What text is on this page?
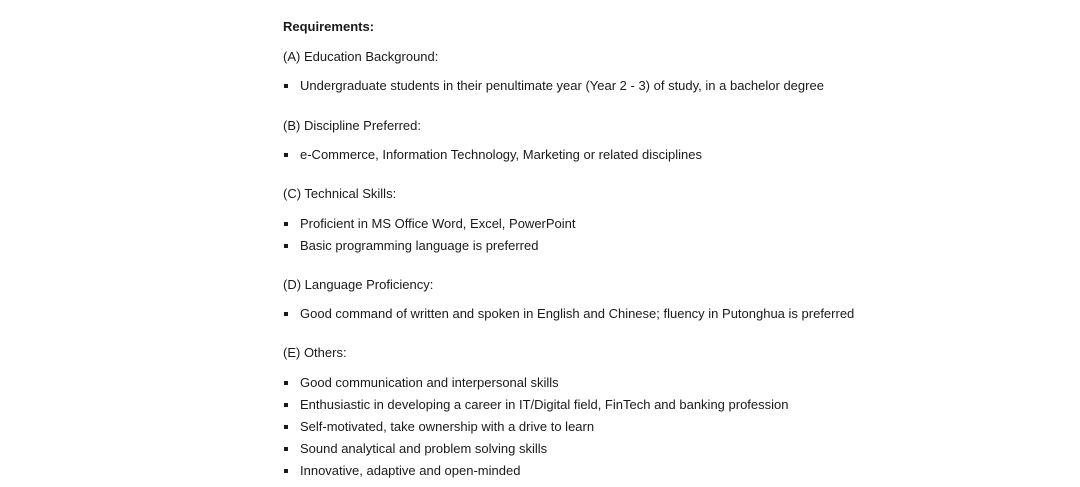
Requirements:
(A) Education Background:
Undergraduate students in their penultimate year (Year 2 - 3) of study, in a bachelor degree
(B) Discipline Preferred:
e-Commerce, Information Technology, Marketing or related disciplines
(C) Technical Skills:
Proficient in MS Office Word, Excel, PowerPoint
Basic programming language is preferred
(D) Language Proficiency:
Good command of written and spoken in English and Chinese; fluency in Putonghua is preferred
(E) Others:
Good communication and interpersonal skills
Enthusiastic in developing a career in IT/Digital field, FinTech and banking profession
Self-motivated, take ownership with a drive to learn
Sound analytical and problem solving skills
Innovative, adaptive and open-minded
